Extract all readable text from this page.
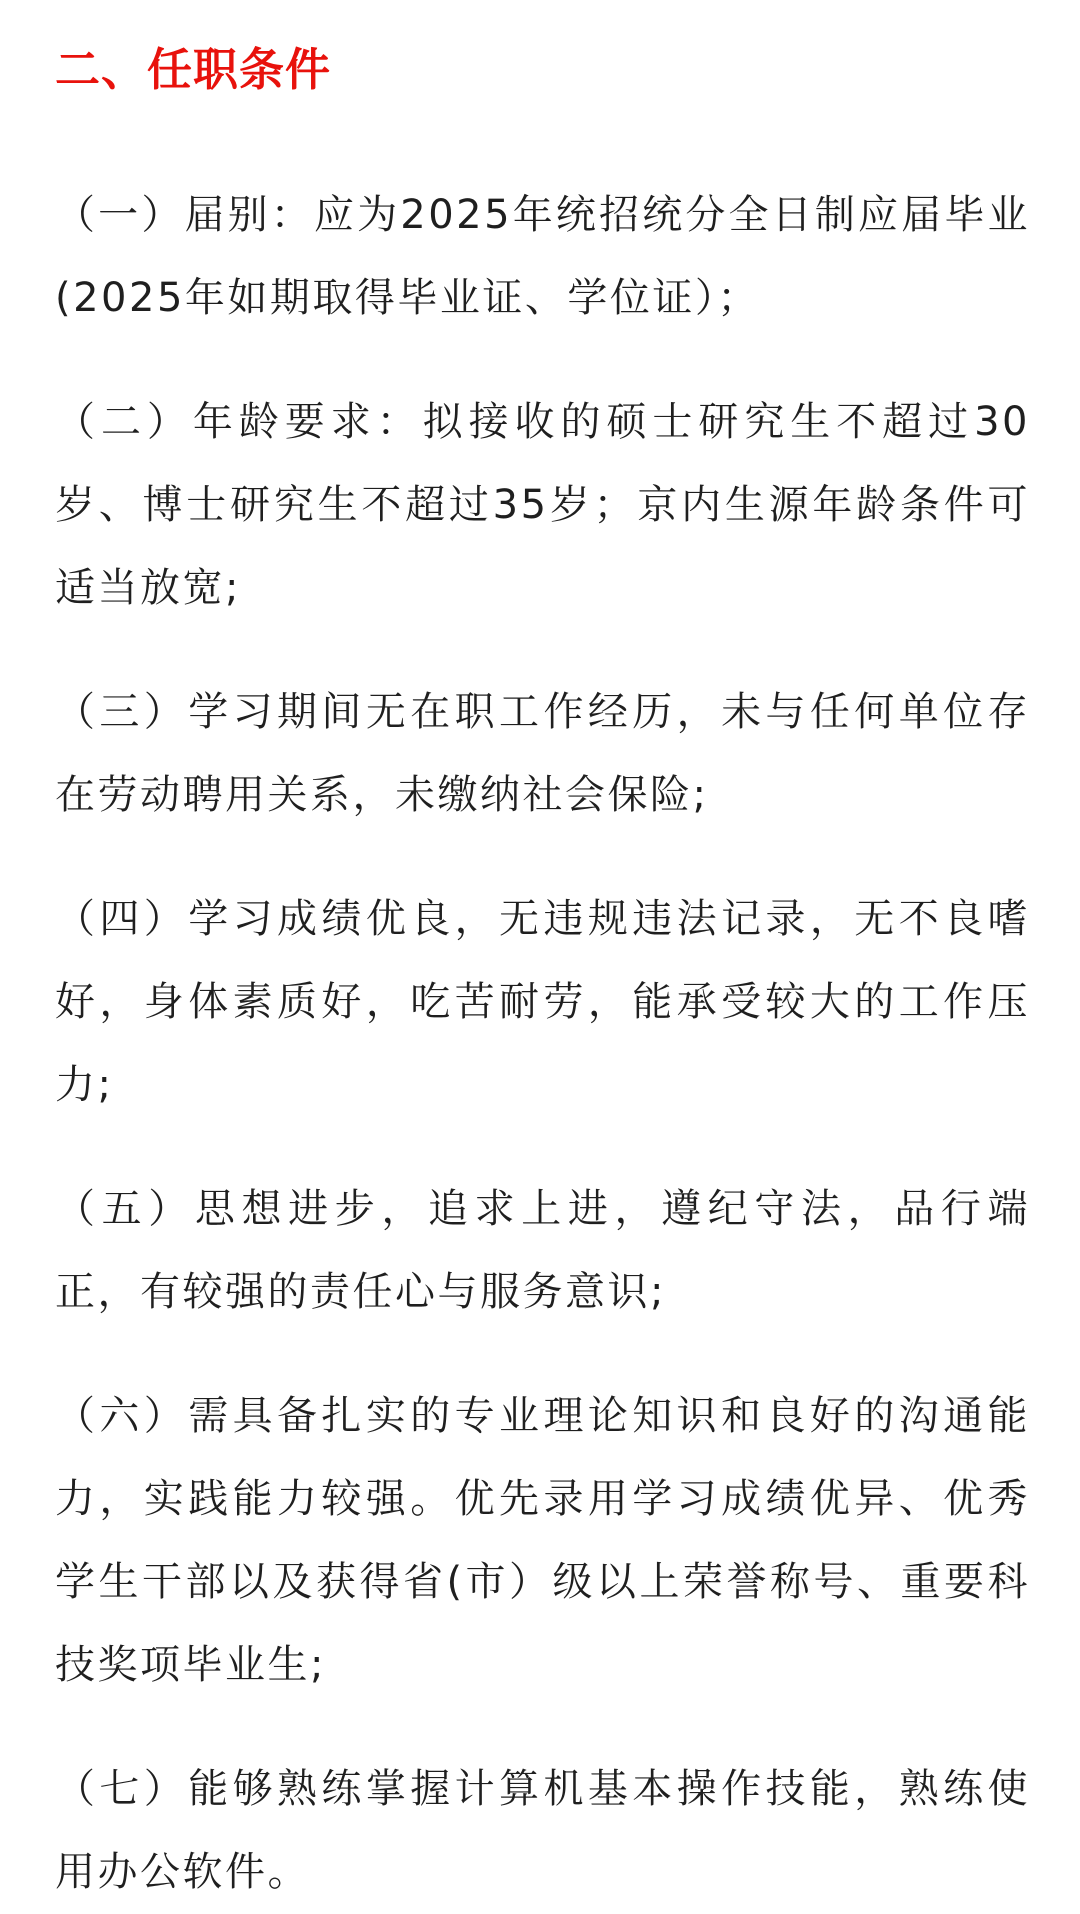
二、任职条件

（一）届别：应为2025年统招统分全日制应届毕业(2025年如期取得毕业证、学位证）；

（二）年龄要求：拟接收的硕士研究生不超过30岁、博士研究生不超过35岁；京内生源年龄条件可适当放宽;

（三）学习期间无在职工作经历，未与任何单位存在劳动聘用关系，未缴纳社会保险;

（四）学习成绩优良，无违规违法记录，无不良嗜好，身体素质好，吃苦耐劳，能承受较大的工作压力;

（五）思想进步，追求上进，遵纪守法，品行端正，有较强的责任心与服务意识;

（六）需具备扎实的专业理论知识和良好的沟通能力，实践能力较强。优先录用学习成绩优异、优秀学生干部以及获得省(市）级以上荣誉称号、重要科技奖项毕业生;

（七）能够熟练掌握计算机基本操作技能，熟练使用办公软件。
